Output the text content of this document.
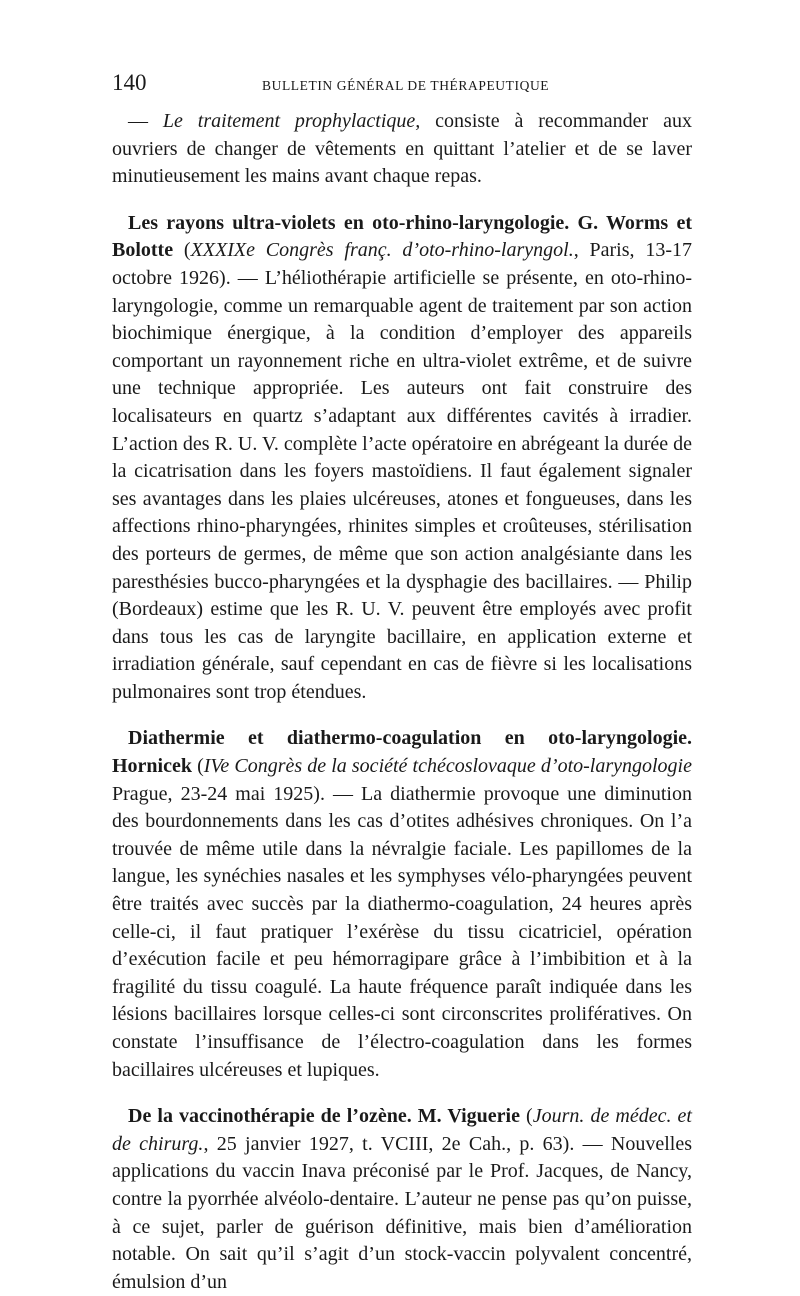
140	BULLETIN GÉNÉRAL DE THÉRAPEUTIQUE

— Le traitement prophylactique, consiste à recommander aux ouvriers de changer de vêtements en quittant l’atelier et de se laver minutieusement les mains avant chaque repas.

Les rayons ultra-violets en oto-rhino-laryngologie. G. Worms et Bolotte (XXXIXe Congrès franç. d’oto-rhino-laryngol., Paris, 13-17 octobre 1926). — L’héliothérapie artificielle se présente, en oto-rhino-laryngologie, comme un remarquable agent de traitement par son action biochimique énergique, à la condition d’employer des appareils comportant un rayonnement riche en ultra-violet extrême, et de suivre une technique appropriée. Les auteurs ont fait construire des localisateurs en quartz s’adaptant aux différentes cavités à irradier. L’action des R. U. V. complète l’acte opératoire en abrégeant la durée de la cicatrisation dans les foyers mastoïdiens. Il faut également signaler ses avantages dans les plaies ulcéreuses, atones et fongueuses, dans les affections rhino-pharyngées, rhinites simples et croûteuses, stérilisation des porteurs de germes, de même que son action analgésiante dans les paresthésies bucco-pharyngées et la dysphagie des bacillaires. — Philip (Bordeaux) estime que les R. U. V. peuvent être employés avec profit dans tous les cas de laryngite bacillaire, en application externe et irradiation générale, sauf cependant en cas de fièvre si les localisations pulmonaires sont trop étendues.

Diathermie et diathermo-coagulation en oto-laryngologie. Hornicek (IVe Congrès de la société tchécoslovaque d’oto-laryngologie Prague, 23-24 mai 1925). — La diathermie provoque une diminution des bourdonnements dans les cas d’otites adhésives chroniques. On l’a trouvée de même utile dans la névralgie faciale. Les papillomes de la langue, les synéchies nasales et les symphyses vélo-pharyngées peuvent être traités avec succès par la diathermo-coagulation, 24 heures après celle-ci, il faut pratiquer l’exérèse du tissu cicatriciel, opération d’exécution facile et peu hémorragipare grâce à l’imbibition et à la fragilité du tissu coagulé. La haute fréquence paraît indiquée dans les lésions bacillaires lorsque celles-ci sont circonscrites prolifératives. On constate l’insuffisance de l’électro-coagulation dans les formes bacillaires ulcéreuses et lupiques.

De la vaccinothérapie de l’ozène. M. Viguerie (Journ. de médec. et de chirurg., 25 janvier 1927, t. VCIII, 2e Cah., p. 63). — Nouvelles applications du vaccin Inava préconisé par le Prof. Jacques, de Nancy, contre la pyorrhée alvéolo-dentaire. L’auteur ne pense pas qu’on puisse, à ce sujet, parler de guérison définitive, mais bien d’amélioration notable. On sait qu’il s’agit d’un stock-vaccin polyvalent concentré, émulsion d’un
